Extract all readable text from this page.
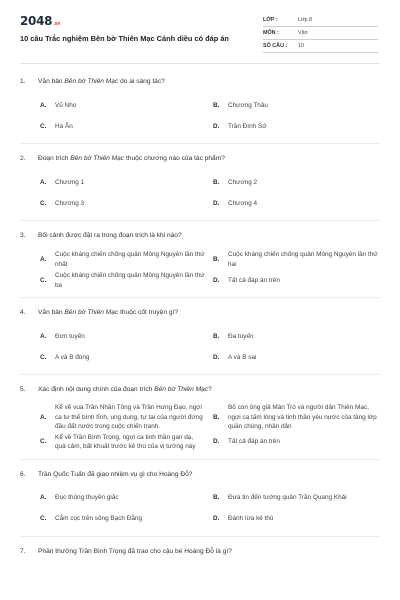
2048 .vn
10 câu Trắc nghiệm Bên bờ Thiên Mạc Cánh diều có đáp án
LỚP :	Lớp 8
MÔN :	Văn
SỐ CÂU :	10
1.	Văn bản Bên bờ Thiên Mạc do ai sáng tác?
A.	Vũ Nho	B.	Chương Thâu
C.	Hà Ân	D.	Trần Đình Sử
2.	Đoạn trích Bên bờ Thiên Mạc thuộc chương nào của tác phẩm?
A.	Chương 1	B.	Chương 2
C.	Chương 3	D.	Chương 4
3.	Bối cảnh được đặt ra trong đoạn trích là khi nào?
A.
Cuộc kháng chiến chống quân Mông Nguyên lần thứ nhất
B.
Cuộc kháng chiến chống quân Mông Nguyên lần thứ hai
C.
Cuộc kháng chiến chống quân Mông Nguyên lần thứ ba
D.	Tất cả đáp án trên
4.	Văn bản Bên bờ Thiên Mạc thuộc cốt truyện gì?
A.	Đơn tuyến	B.	Đa tuyến
C.	A và B đúng	D.	A và B sai
5.	Xác định nội dung chính của đoạn trích Bên bờ Thiên Mạc?
A.
Kể về vua Trần Nhân Tông và Trần Hưng Đạo, ngợi ca tư thế bình tĩnh, ung dung, tự tại của người đứng đầu đất nước trong cuộc chiến tranh.
B.
Bố con ông giả Màn Trò và người dân Thiên Mạc, ngợi ca tấm lòng và tinh thần yêu nước của tầng lớp quần chúng, nhân dân
C.
Kể về Trần Bình Trọng, ngợi ca tinh thần gan dạ, quả cảm, bất khuất trước kẻ thù của vị tướng này
D.	Tất cả đáp án trên
6.	Trần Quốc Tuấn đã giao nhiệm vụ gì cho Hoàng Đỗ?
A.	Đục thủng thuyền giặc	B.	Đưa tin đến tướng quân Trần Quang Khải
C.	Cắm cọc trên sông Bạch Đằng	D.	Đánh lừa kẻ thù
7.	Phần thưởng Trần Bình Trọng đã trao cho cậu bé Hoàng Đỗ là gì?
